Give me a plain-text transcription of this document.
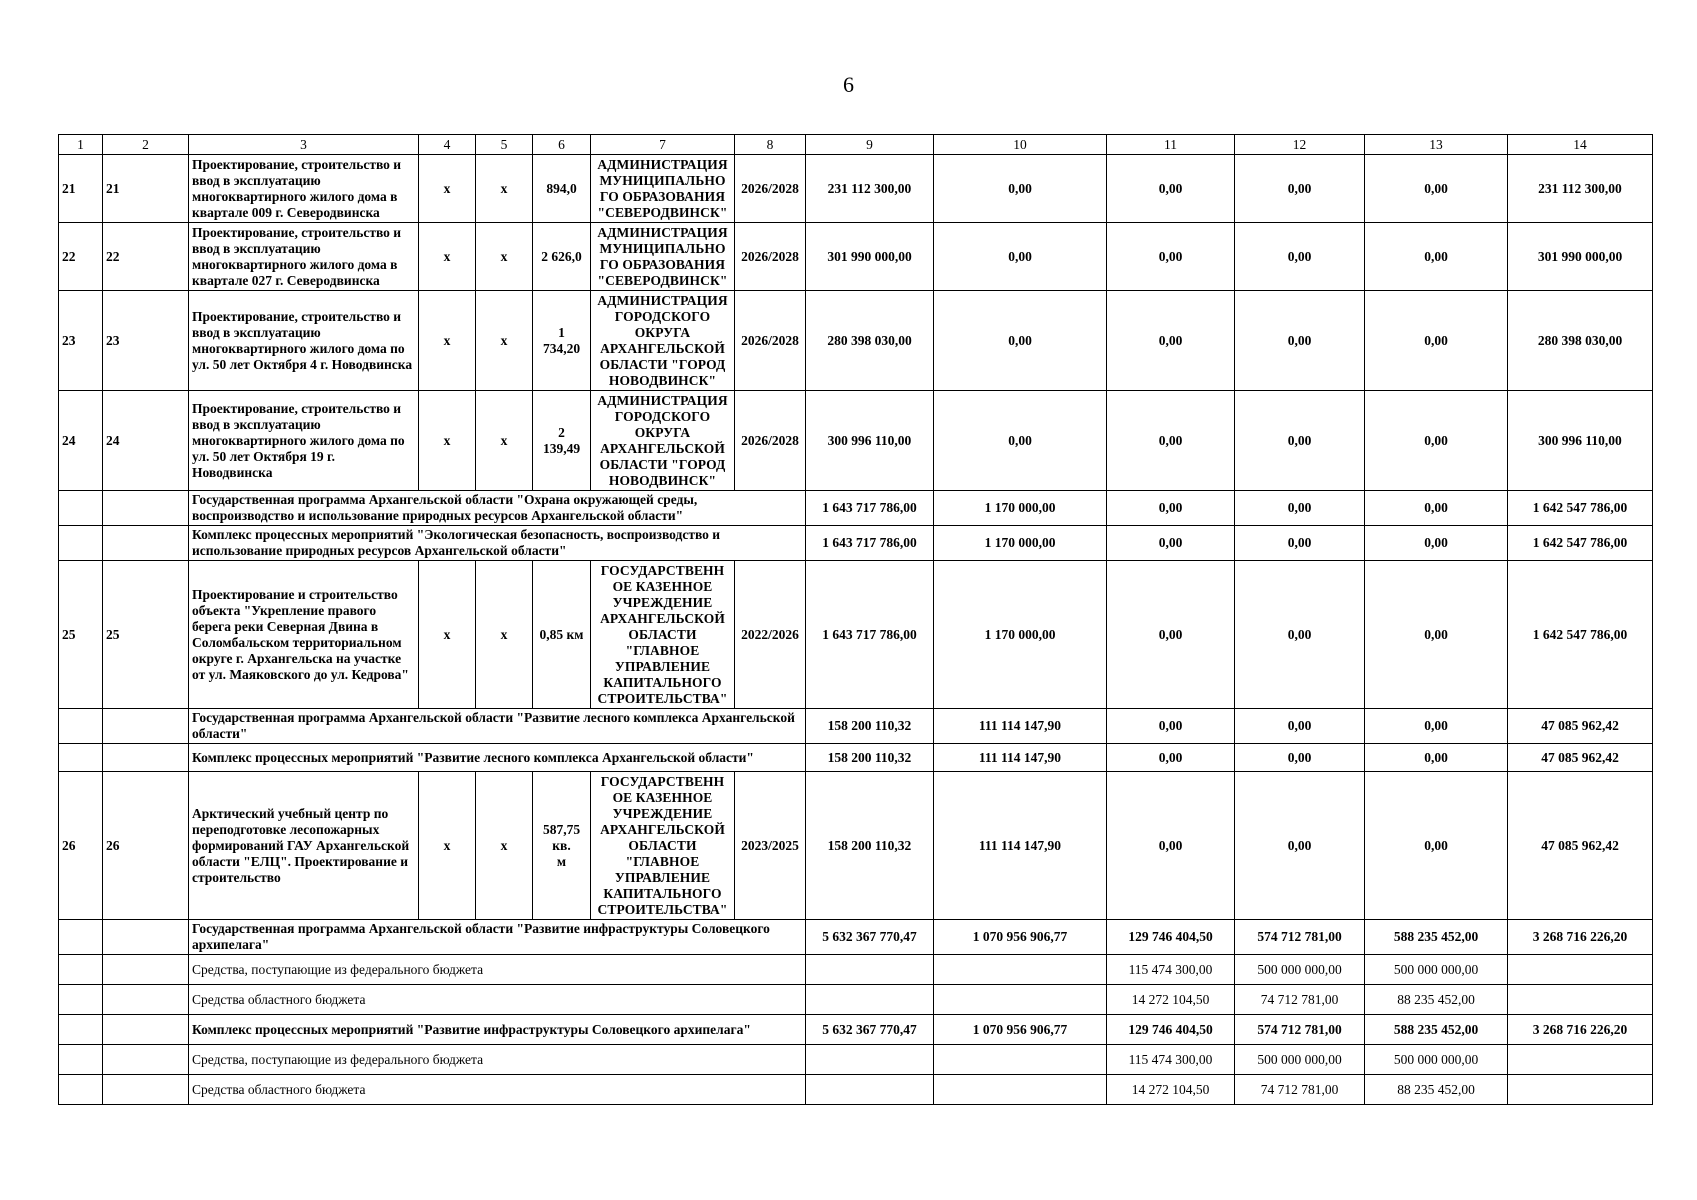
6
1	2	3	4	5	6	7	8	9	10	11	12	13	14
21	21	Проектирование, строительство и ввод в эксплуатацию многоквартирного жилого дома в квартале 009 г. Северодвинска	х	х	894,0	АДМИНИСТРАЦИЯ МУНИЦИПАЛЬНО ГО ОБРАЗОВАНИЯ "СЕВЕРОДВИНСК"	2026/2028	231 112 300,00	0,00	0,00	0,00	0,00	231 112 300,00
22	22	Проектирование, строительство и ввод в эксплуатацию многоквартирного жилого дома в квартале 027 г. Северодвинска	х	х	2 626,0	АДМИНИСТРАЦИЯ МУНИЦИПАЛЬНО ГО ОБРАЗОВАНИЯ "СЕВЕРОДВИНСК"	2026/2028	301 990 000,00	0,00	0,00	0,00	0,00	301 990 000,00
23	23	Проектирование, строительство и ввод в эксплуатацию многоквартирного жилого дома по ул. 50 лет Октября 4 г. Новодвинска	х	х	1 734,20	АДМИНИСТРАЦИЯ ГОРОДСКОГО ОКРУГА АРХАНГЕЛЬСКОЙ ОБЛАСТИ "ГОРОД НОВОДВИНСК"	2026/2028	280 398 030,00	0,00	0,00	0,00	0,00	280 398 030,00
24	24	Проектирование, строительство и ввод в эксплуатацию многоквартирного жилого дома по ул. 50 лет Октября 19 г. Новодвинска	х	х	2 139,49	АДМИНИСТРАЦИЯ ГОРОДСКОГО ОКРУГА АРХАНГЕЛЬСКОЙ ОБЛАСТИ "ГОРОД НОВОДВИНСК"	2026/2028	300 996 110,00	0,00	0,00	0,00	0,00	300 996 110,00
		Государственная программа Архангельской области "Охрана окружающей среды, воспроизводство и использование природных ресурсов Архангельской области"						1 643 717 786,00	1 170 000,00	0,00	0,00	0,00	1 642 547 786,00
		Комплекс процессных мероприятий "Экологическая безопасность, воспроизводство и использование природных ресурсов Архангельской области"						1 643 717 786,00	1 170 000,00	0,00	0,00	0,00	1 642 547 786,00
25	25	Проектирование и строительство объекта "Укрепление правого берега реки Северная Двина в Соломбальском территориальном округе г. Архангельска на участке от ул. Маяковского до ул. Кедрова"	х	х	0,85 км	ГОСУДАРСТВЕНН ОЕ КАЗЕННОЕ УЧРЕЖДЕНИЕ АРХАНГЕЛЬСКОЙ ОБЛАСТИ "ГЛАВНОЕ УПРАВЛЕНИЕ КАПИТАЛЬНОГО СТРОИТЕЛЬСТВА"	2022/2026	1 643 717 786,00	1 170 000,00	0,00	0,00	0,00	1 642 547 786,00
		Государственная программа Архангельской области "Развитие лесного комплекса Архангельской области"						158 200 110,32	111 114 147,90	0,00	0,00	0,00	47 085 962,42
		Комплекс процессных мероприятий "Развитие лесного комплекса Архангельской области"						158 200 110,32	111 114 147,90	0,00	0,00	0,00	47 085 962,42
26	26	Арктический учебный центр по переподготовке лесопожарных формирований ГАУ Архангельской области "ЕЛЦ". Проектирование и строительство	х	х	587,75 кв. м	ГОСУДАРСТВЕНН ОЕ КАЗЕННОЕ УЧРЕЖДЕНИЕ АРХАНГЕЛЬСКОЙ ОБЛАСТИ "ГЛАВНОЕ УПРАВЛЕНИЕ КАПИТАЛЬНОГО СТРОИТЕЛЬСТВА"	2023/2025	158 200 110,32	111 114 147,90	0,00	0,00	0,00	47 085 962,42
		Государственная программа Архангельской области "Развитие инфраструктуры Соловецкого архипелага"						5 632 367 770,47	1 070 956 906,77	129 746 404,50	574 712 781,00	588 235 452,00	3 268 716 226,20
		Средства, поступающие из федерального бюджета								115 474 300,00	500 000 000,00	500 000 000,00	
		Средства областного бюджета								14 272 104,50	74 712 781,00	88 235 452,00	
		Комплекс процессных мероприятий "Развитие инфраструктуры Соловецкого архипелага"						5 632 367 770,47	1 070 956 906,77	129 746 404,50	574 712 781,00	588 235 452,00	3 268 716 226,20
		Средства, поступающие из федерального бюджета								115 474 300,00	500 000 000,00	500 000 000,00	
		Средства областного бюджета								14 272 104,50	74 712 781,00	88 235 452,00	
